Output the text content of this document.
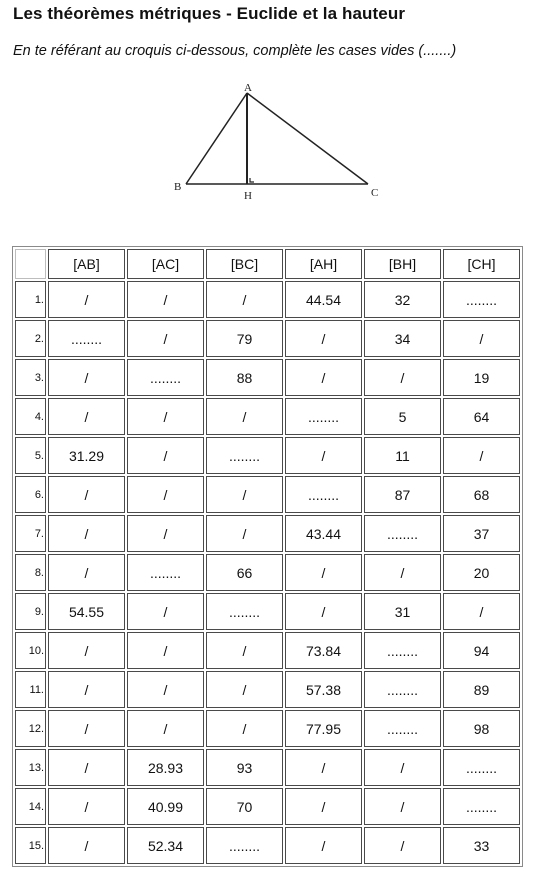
Les théorèmes métriques - Euclide et la hauteur
En te référant au croquis ci-dessous, complète les cases vides (.......)
A
B
H	C
	[AB]	[AC]	[BC]	[AH]	[BH]	[CH]
1.	/	/	/	44.54	32	........
2.	........	/	79	/	34	/
3.	/	........	88	/	/	19
4.	/	/	/	........	5	64
5.	31.29	/	........	/	11	/
6.	/	/	/	........	87	68
7.	/	/	/	43.44	........	37
8.	/	........	66	/	/	20
9.	54.55	/	........	/	31	/
10.	/	/	/	73.84	........	94
11.	/	/	/	57.38	........	89
12.	/	/	/	77.95	........	98
13.	/	28.93	93	/	/	........
14.	/	40.99	70	/	/	........
15.	/	52.34	........	/	/	33
